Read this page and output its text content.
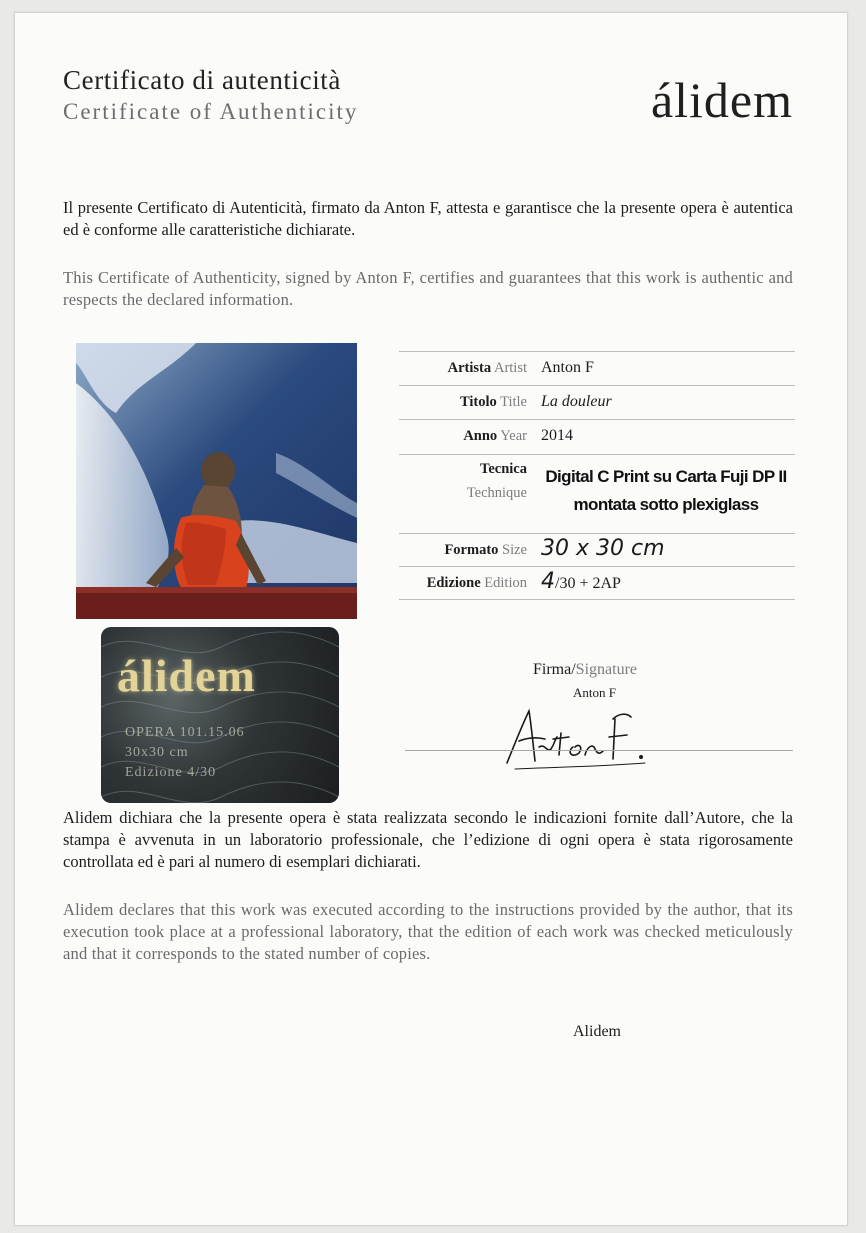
Certificato di autenticità
Certificate of Authenticity	álidem
Il presente Certificato di Autenticità, firmato da Anton F, attesta e garantisce che la presente opera è autentica ed è conforme alle caratteristiche dichiarate.
This Certificate of Authenticity, signed by Anton F, certifies and guarantees that this work is authentic and respects the declared information.
álidem
OPERA 101.15.06
30x30 cm
Edizione 4/30
Artista Artist Anton F
Titolo Title La douleur
Anno Year 2014
Tecnica
Technique
Digital C Print su Carta Fuji DP II
montata sotto plexiglass
Formato Size 30 x 30 cm
Edizione Edition 4/30 + 2AP
Firma/Signature
Anton F
Alidem dichiara che la presente opera è stata realizzata secondo le indicazioni fornite dall’Autore, che la stampa è avvenuta in un laboratorio professionale, che l’edizione di ogni opera è stata rigorosamente controllata ed è pari al numero di esemplari dichiarati.
Alidem declares that this work was executed according to the instructions provided by the author, that its execution took place at a professional laboratory, that the edition of each work was checked meticulously and that it corresponds to the stated number of copies.
Alidem
